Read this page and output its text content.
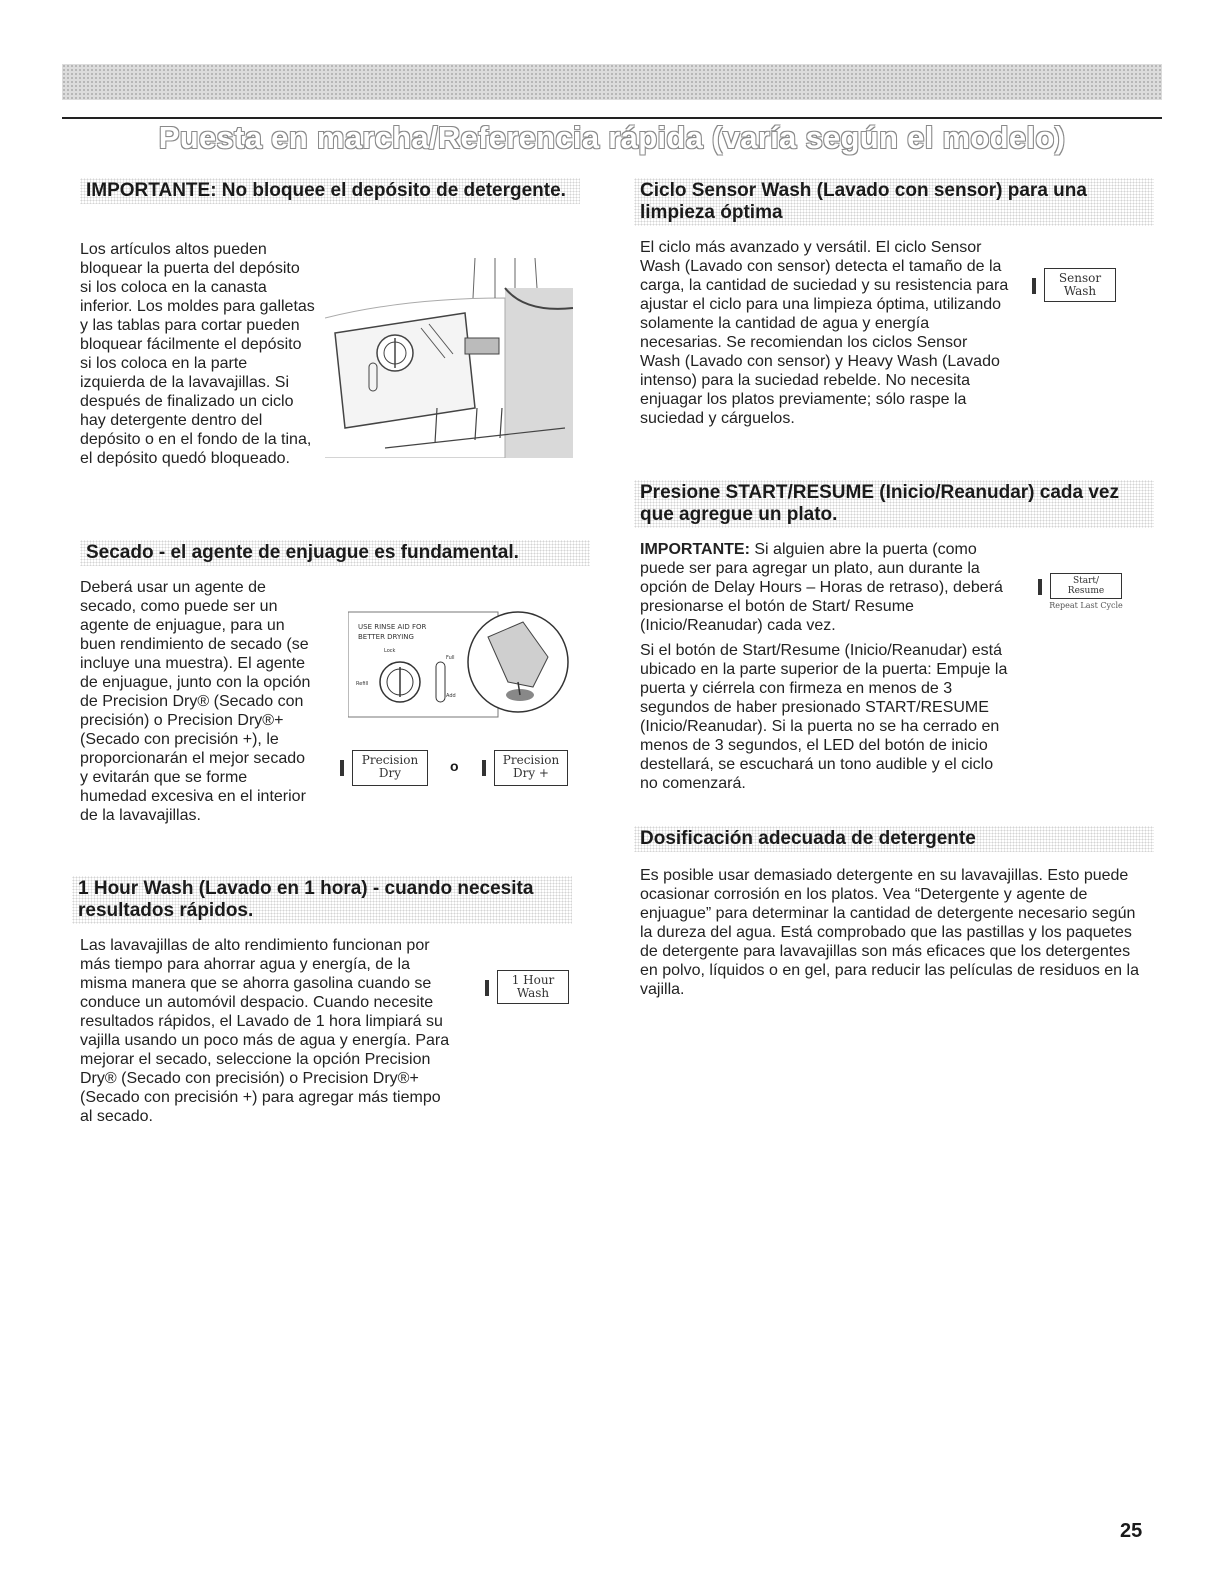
Puesta en marcha/Referencia rápida (varía según el modelo)
IMPORTANTE: No bloquee el depósito de detergente.

Los artículos altos pueden bloquear la puerta del depósito si los coloca en la canasta inferior. Los moldes para galletas y las tablas para cortar pueden bloquear fácilmente el depósito si los coloca en la parte izquierda de la lavavajillas. Si después de finalizado un ciclo hay detergente dentro del depósito o en el fondo de la tina, el depósito quedó bloqueado.

Secado - el agente de enjuague es fundamental.

Deberá usar un agente de secado, como puede ser un agente de enjuague, para un buen rendimiento de secado (se incluye una muestra). El agente de enjuague, junto con la opción de Precision Dry® (Secado con precisión) o Precision Dry®+ (Secado con precisión +), le proporcionarán el mejor secado y evitarán que se forme humedad excesiva en el interior de la lavavajillas.

USE RINSE AID FOR
BETTER DRYING
Lock
Refill
Full
Add
Precision
Dry	o	Precision
Dry +
1 Hour Wash (Lavado en 1 hora) - cuando necesita resultados rápidos.

Las lavavajillas de alto rendimiento funcionan por más tiempo para ahorrar agua y energía, de la misma manera que se ahorra gasolina cuando se conduce un automóvil despacio. Cuando necesite resultados rápidos, el Lavado de 1 hora limpiará su vajilla usando un poco más de agua y energía. Para mejorar el secado, seleccione la opción Precision Dry® (Secado con precisión) o Precision Dry®+ (Secado con precisión +) para agregar más tiempo al secado.

1 Hour
Wash
Ciclo Sensor Wash (Lavado con sensor) para una limpieza óptima

El ciclo más avanzado y versátil. El ciclo Sensor Wash (Lavado con sensor) detecta el tamaño de la carga, la cantidad de suciedad y su resistencia para ajustar el ciclo para una limpieza óptima, utilizando solamente la cantidad de agua y energía necesarias. Se recomiendan los ciclos Sensor Wash (Lavado con sensor) y Heavy Wash (Lavado intenso) para la suciedad rebelde. No necesita enjuagar los platos previamente; sólo raspe la suciedad y cárguelos.

Sensor
Wash
Presione START/RESUME (Inicio/Reanudar) cada vez que agregue un plato.

IMPORTANTE: Si alguien abre la puerta (como puede ser para agregar un plato, aun durante la opción de Delay Hours – Horas de retraso), deberá presionarse el botón de Start/ Resume (Inicio/Reanudar) cada vez.

Si el botón de Start/Resume (Inicio/Reanudar) está ubicado en la parte superior de la puerta: Empuje la puerta y ciérrela con firmeza en menos de 3 segundos de haber presionado START/RESUME (Inicio/Reanudar). Si la puerta no se ha cerrado en menos de 3 segundos, el LED del botón de inicio destellará, se escuchará un tono audible y el ciclo no comenzará.

Start/
Resume
Repeat Last Cycle
Dosificación adecuada de detergente

Es posible usar demasiado detergente en su lavavajillas. Esto puede ocasionar corrosión en los platos. Vea “Detergente y agente de enjuague” para determinar la cantidad de detergente necesario según la dureza del agua. Está comprobado que las pastillas y los paquetes de detergente para lavavajillas son más eficaces que los detergentes en polvo, líquidos o en gel, para reducir las películas de residuos en la vajilla.

25
